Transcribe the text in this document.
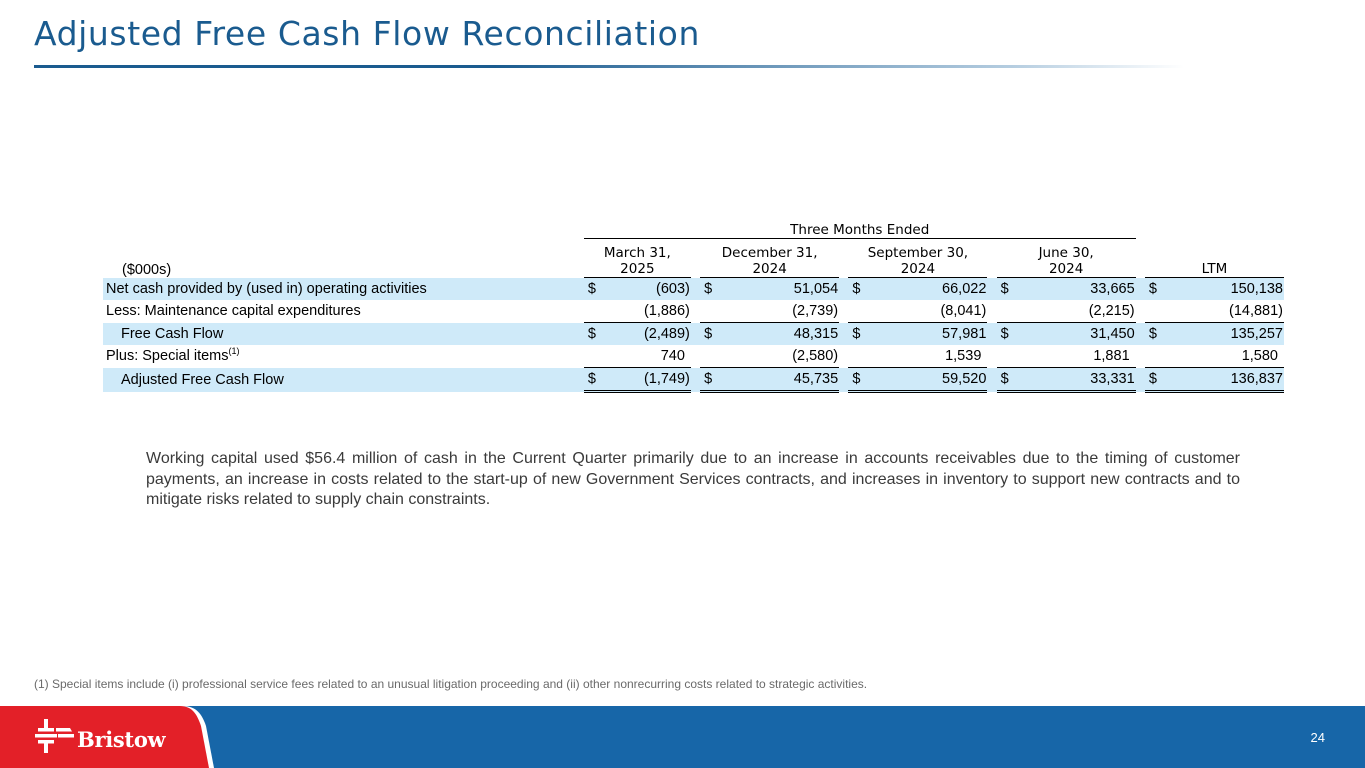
Adjusted Free Cash Flow Reconciliation
	Three Months Ended													
($000s)	March 31,
2025			December 31,
2024			September 30,
2024			June 30,
2024			LTM	
Net cash provided by (used in) operating activities	$	(603)		$	51,054		$	66,022		$	33,665		$	150,138
Less: Maintenance capital expenditures		(1,886)			(2,739)			(8,041)			(2,215)			(14,881)
Free Cash Flow	$	(2,489)		$	48,315		$	57,981		$	31,450		$	135,257
Plus: Special items$^{(1)}$		740			(2,580)			1,539			1,881			1,580
Adjusted Free Cash Flow	$	(1,749)		$	45,735		$	59,520		$	33,331		$	136,837

Working capital used $56.4 million of cash in the Current Quarter primarily due to an increase in accounts receivables due to the timing of customer payments, an increase in costs related to the start-up of new Government Services contracts, and increases in inventory to support new contracts and to mitigate risks related to supply chain constraints.

(1) Special items include (i) professional service fees related to an unusual litigation proceeding and (ii) other nonrecurring costs related to strategic activities.

Bristow	24
